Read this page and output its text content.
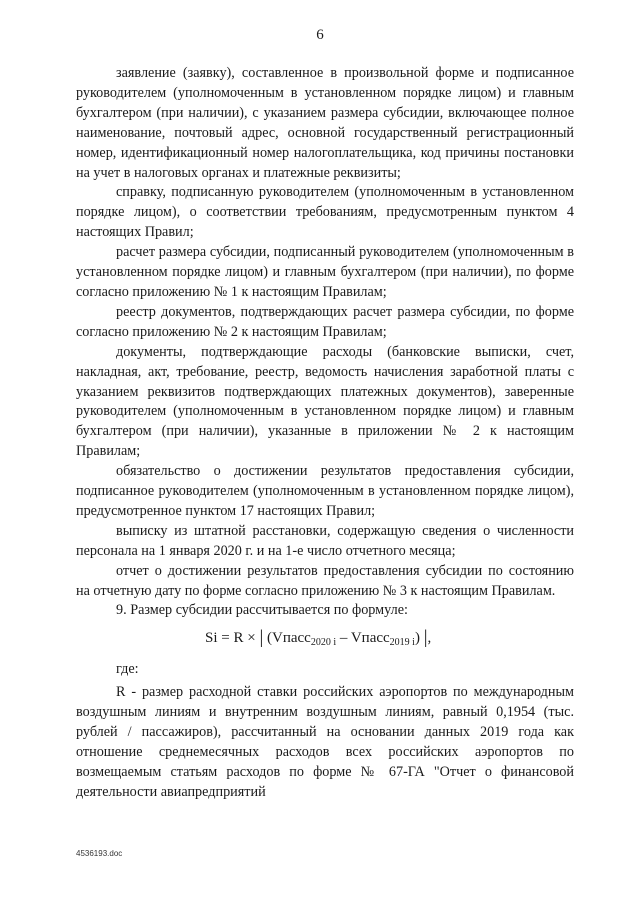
6

заявление (заявку), составленное в произвольной форме и подписанное руководителем (уполномоченным в установленном порядке лицом) и главным бухгалтером (при наличии), с указанием размера субсидии, включающее полное наименование, почтовый адрес, основной государственный регистрационный номер, идентификационный номер налогоплательщика, код причины постановки на учет в налоговых органах и платежные реквизиты;

справку, подписанную руководителем (уполномоченным в установленном порядке лицом), о соответствии требованиям, предусмотренным пунктом 4 настоящих Правил;

расчет размера субсидии, подписанный руководителем (уполномоченным в установленном порядке лицом) и главным бухгалтером (при наличии), по форме согласно приложению № 1 к настоящим Правилам;

реестр документов, подтверждающих расчет размера субсидии, по форме согласно приложению № 2 к настоящим Правилам;

документы, подтверждающие расходы (банковские выписки, счет, накладная, акт, требование, реестр, ведомость начисления заработной платы с указанием реквизитов подтверждающих платежных документов), заверенные руководителем (уполномоченным в установленном порядке лицом) и главным бухгалтером (при наличии), указанные в приложении № 2 к настоящим Правилам;

обязательство о достижении результатов предоставления субсидии, подписанное руководителем (уполномоченным в установленном порядке лицом), предусмотренное пунктом 17 настоящих Правил;

выписку из штатной расстановки, содержащую сведения о численности персонала на 1 января 2020 г. и на 1-е число отчетного месяца;

отчет о достижении результатов предоставления субсидии по состоянию на отчетную дату по форме согласно приложению № 3 к настоящим Правилам.

9. Размер субсидии рассчитывается по формуле:

Si = R × | (Vпасс$_{2020 i}$ – Vпасс$_{2019 i}$) |,

где:

R - размер расходной ставки российских аэропортов по международным воздушным линиям и внутренним воздушным линиям, равный 0,1954 (тыс. рублей / пассажиров), рассчитанный на основании данных 2019 года как отношение среднемесячных расходов всех российских аэропортов по возмещаемым статьям расходов по форме № 67-ГА "Отчет о финансовой деятельности авиапредприятий

4536193.doc
